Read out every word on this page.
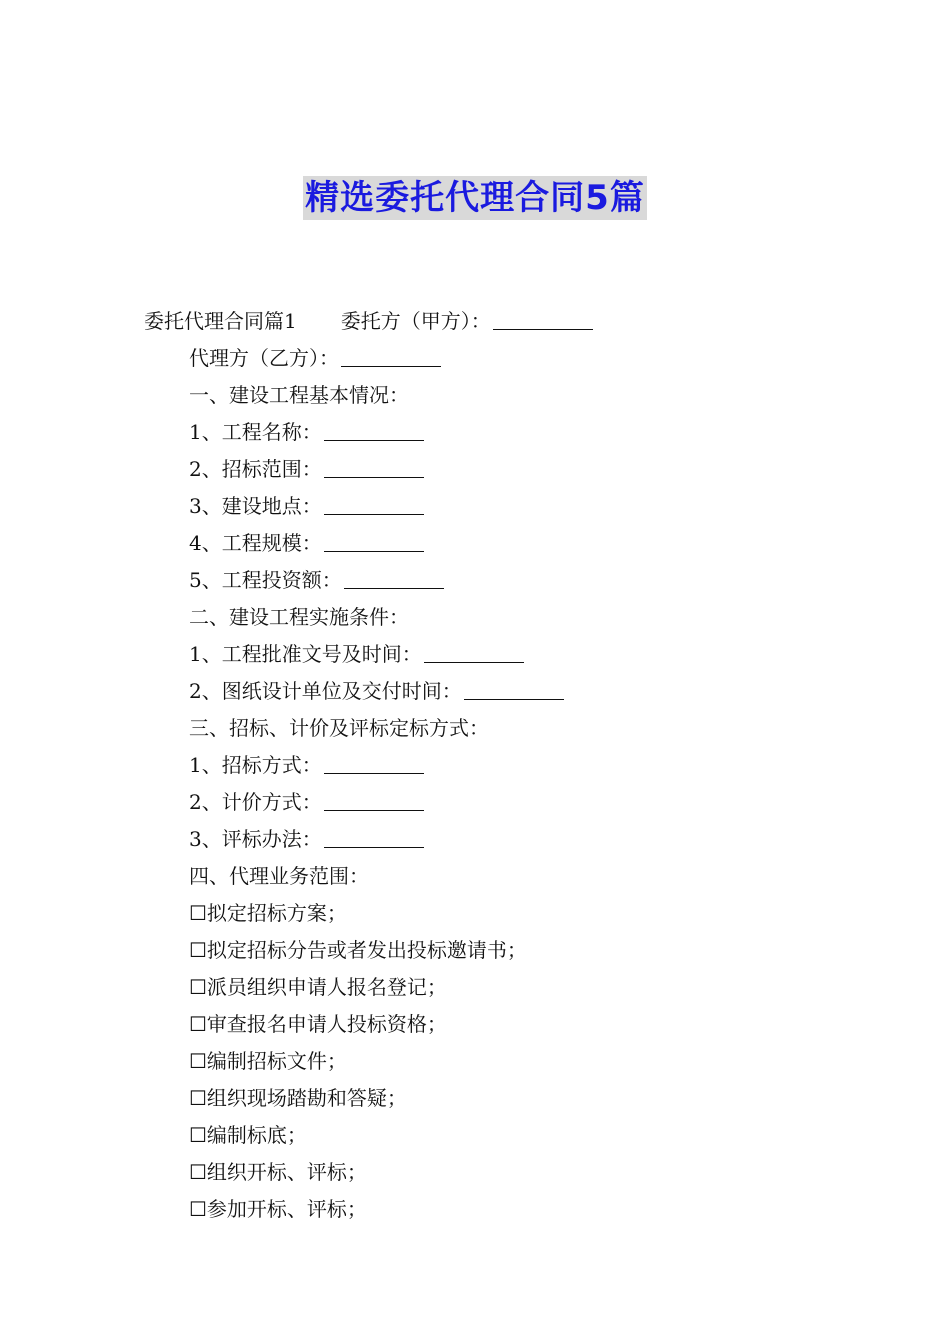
精选委托代理合同5篇
委托代理合同篇1 委托方（甲方）：
代理方（乙方）：
一、建设工程基本情况：
1、工程名称：
2、招标范围：
3、建设地点：
4、工程规模：
5、工程投资额：
二、建设工程实施条件：
1、工程批准文号及时间：
2、图纸设计单位及交付时间：
三、招标、计价及评标定标方式：
1、招标方式：
2、计价方式：
3、评标办法：
四、代理业务范围：
☐拟定招标方案；
☐拟定招标分告或者发出投标邀请书；
☐派员组织申请人报名登记；
☐审查报名申请人投标资格；
☐编制招标文件；
☐组织现场踏勘和答疑；
☐编制标底；
☐组织开标、评标；
☐参加开标、评标；
